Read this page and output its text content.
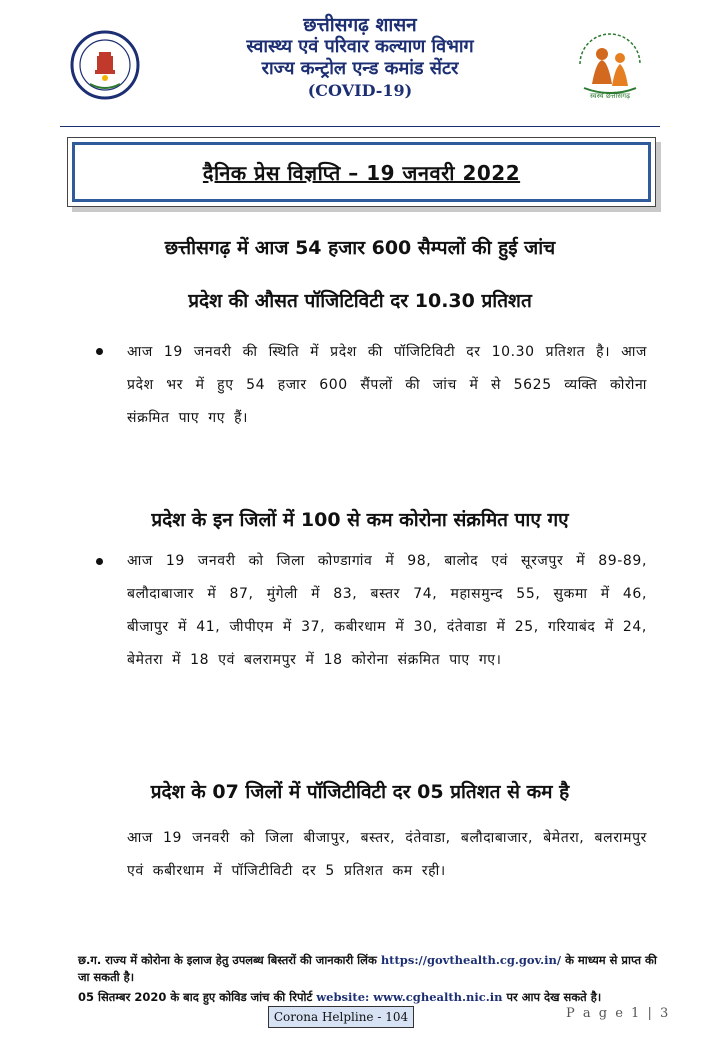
छत्तीसगढ़ शासन
स्वास्थ्य एवं परिवार कल्याण विभाग
राज्य कन्ट्रोल एन्ड कमांड सेंटर
(COVID-19)	स्वस्थ छत्तीसगढ़
दैनिक प्रेस विज्ञप्ति – 19 जनवरी 2022
छत्तीसगढ़ में आज 54 हजार 600 सैम्पलों की हुई जांच
प्रदेश की औसत पॉजिटिविटी दर 10.30 प्रतिशत
आज 19 जनवरी की स्थिति में प्रदेश की पॉजिटिविटी दर 10.30 प्रतिशत है। आज प्रदेश भर में हुए 54 हजार 600 सैंपलों की जांच में से 5625 व्यक्ति कोरोना संक्रमित पाए गए हैं।
प्रदेश के इन जिलों में 100 से कम कोरोना संक्रमित पाए गए
आज 19 जनवरी को जिला कोण्डागांव में 98, बालोद एवं सूरजपुर में 89-89, बलौदाबाजार में 87, मुंगेली में 83, बस्तर 74, महासमुन्द 55, सुकमा में 46, बीजापुर में 41, जीपीएम में 37, कबीरधाम में 30, दंतेवाडा में 25, गरियाबंद में 24, बेमेतरा में 18 एवं बलरामपुर में 18 कोरोना संक्रमित पाए गए।
प्रदेश के 07 जिलों में पॉजिटीविटी दर 05 प्रतिशत से कम है
आज 19 जनवरी को जिला बीजापुर, बस्तर, दंतेवाडा, बलौदाबाजार, बेमेतरा, बलरामपुर एवं कबीरधाम में पॉजिटीविटी दर 5 प्रतिशत कम रही।
छ.ग. राज्य में कोरोना के इलाज हेतु उपलब्ध बिस्तरों की जानकारी लिंक https://govthealth.cg.gov.in/ के माध्यम से प्राप्त की जा सकती है।
05 सितम्बर 2020 के बाद हुए कोविड जांच की रिपोर्ट website: www.cghealth.nic.in पर आप देख सकते है।
Corona Helpline - 104	P a g e 1 | 3
